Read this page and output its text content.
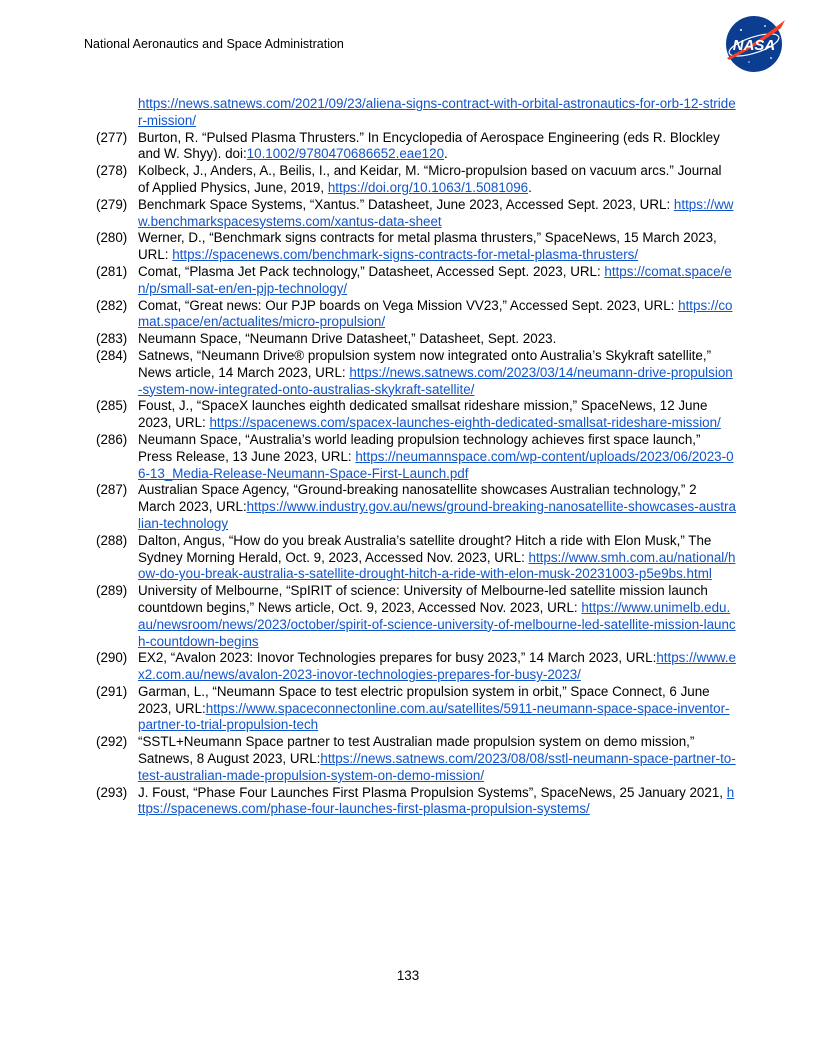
National Aeronautics and Space Administration	NASA
https://news.satnews.com/2021/09/23/aliena-signs-contract-with-orbital-astronautics-for-orb-12-strider-mission/
(277) Burton, R. “Pulsed Plasma Thrusters.” In Encyclopedia of Aerospace Engineering (eds R. Blockley and W. Shyy). doi:10.1002/9780470686652.eae120.
(278) Kolbeck, J., Anders, A., Beilis, I., and Keidar, M. “Micro-propulsion based on vacuum arcs.” Journal of Applied Physics, June, 2019, https://doi.org/10.1063/1.5081096.
(279) Benchmark Space Systems, “Xantus.” Datasheet, June 2023, Accessed Sept. 2023, URL: https://www.benchmarkspacesystems.com/xantus-data-sheet
(280) Werner, D., “Benchmark signs contracts for metal plasma thrusters,” SpaceNews, 15 March 2023, URL: https://spacenews.com/benchmark-signs-contracts-for-metal-plasma-thrusters/
(281) Comat, “Plasma Jet Pack technology,” Datasheet, Accessed Sept. 2023, URL: https://comat.space/en/p/small-sat-en/en-pjp-technology/
(282) Comat, “Great news: Our PJP boards on Vega Mission VV23,” Accessed Sept. 2023, URL: https://comat.space/en/actualites/micro-propulsion/
(283) Neumann Space, “Neumann Drive Datasheet,” Datasheet, Sept. 2023.
(284) Satnews, “Neumann Drive® propulsion system now integrated onto Australia’s Skykraft satellite,” News article, 14 March 2023, URL: https://news.satnews.com/2023/03/14/neumann-drive-propulsion-system-now-integrated-onto-australias-skykraft-satellite/
(285) Foust, J., “SpaceX launches eighth dedicated smallsat rideshare mission,” SpaceNews, 12 June 2023, URL: https://spacenews.com/spacex-launches-eighth-dedicated-smallsat-rideshare-mission/
(286) Neumann Space, “Australia’s world leading propulsion technology achieves first space launch,” Press Release, 13 June 2023, URL: https://neumannspace.com/wp-content/uploads/2023/06/2023-06-13_Media-Release-Neumann-Space-First-Launch.pdf
(287) Australian Space Agency, “Ground-breaking nanosatellite showcases Australian technology,” 2 March 2023, URL:https://www.industry.gov.au/news/ground-breaking-nanosatellite-showcases-australian-technology
(288) Dalton, Angus, “How do you break Australia’s satellite drought? Hitch a ride with Elon Musk,” The Sydney Morning Herald, Oct. 9, 2023, Accessed Nov. 2023, URL: https://www.smh.com.au/national/how-do-you-break-australia-s-satellite-drought-hitch-a-ride-with-elon-musk-20231003-p5e9bs.html
(289) University of Melbourne, “SpIRIT of science: University of Melbourne-led satellite mission launch countdown begins,” News article, Oct. 9, 2023, Accessed Nov. 2023, URL: https://www.unimelb.edu.au/newsroom/news/2023/october/spirit-of-science-university-of-melbourne-led-satellite-mission-launch-countdown-begins
(290) EX2, “Avalon 2023: Inovor Technologies prepares for busy 2023,” 14 March 2023, URL:https://www.ex2.com.au/news/avalon-2023-inovor-technologies-prepares-for-busy-2023/
(291) Garman, L., “Neumann Space to test electric propulsion system in orbit,” Space Connect, 6 June 2023, URL:https://www.spaceconnectonline.com.au/satellites/5911-neumann-space-space-inventor-partner-to-trial-propulsion-tech
(292) “SSTL+Neumann Space partner to test Australian made propulsion system on demo mission,” Satnews, 8 August 2023, URL:https://news.satnews.com/2023/08/08/sstl-neumann-space-partner-to-test-australian-made-propulsion-system-on-demo-mission/
(293) J. Foust, “Phase Four Launches First Plasma Propulsion Systems”, SpaceNews, 25 January 2021, https://spacenews.com/phase-four-launches-first-plasma-propulsion-systems/
133
